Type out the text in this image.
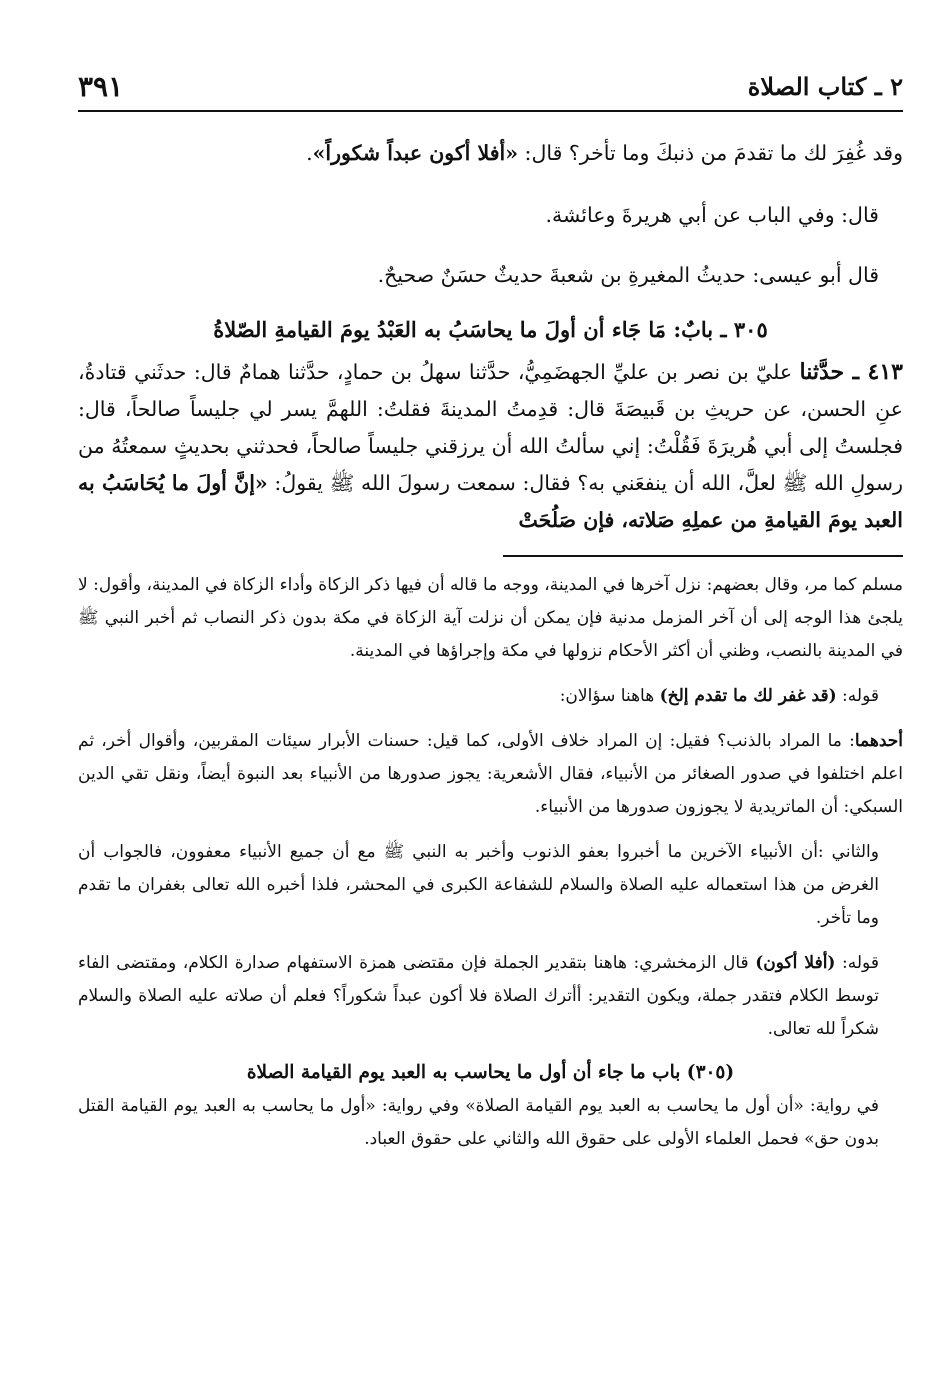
٢ ـ كتاب الصلاة
٣٩١

وقد غُفِرَ لك ما تقدمَ من ذنبكَ وما تأخر؟ قال: «أفلا أكون عبداً شكوراً».

قال: وفي الباب عن أبي هريرةَ وعائشة.

قال أبو عيسى: حديثُ المغيرةِ بن شعبةَ حديثٌ حسَنٌ صحيحٌ.

٣٠٥ ـ بابٌ: مَا جَاء أن أولَ ما يحاسَبُ به العَبْدُ يومَ القيامةِ الصّلاةُ

٤١٣ ـ حدَّثنا عليّ بن نصر بن عليِّ الجهضَمِيُّ، حدَّثنا سهلُ بن حمادٍ، حدَّثنا همامٌ قال: حدثَني قتادةُ، عنِ الحسن، عن حريثِ بن قَبيصَةَ قال: قدِمتُ المدينةَ فقلتُ: اللهمَّ يسر لي جليساً صالحاً، قال: فجلستُ إلى أبي هُريرَةَ فَقُلْتُ: إني سألتُ الله أن يرزقني جليساً صالحاً، فحدثني بحديثٍ سمعتُهُ من رسولِ الله ﷺ لعلَّ، الله أن ينفعَني به؟ فقال: سمعت رسولَ الله ﷺ يقولُ: «إنَّ أولَ ما يُحَاسَبُ به العبد يومَ القيامةِ من عملِهِ صَلاته، فإن صَلُحَتْ

مسلم كما مر، وقال بعضهم: نزل آخرها في المدينة، ووجه ما قاله أن فيها ذكر الزكاة وأداء الزكاة في المدينة، وأقول: لا يلجئ هذا الوجه إلى أن آخر المزمل مدنية فإن يمكن أن نزلت آية الزكاة في مكة بدون ذكر النصاب ثم أخبر النبي ﷺ في المدينة بالنصب، وظني أن أكثر الأحكام نزولها في مكة وإجراؤها في المدينة.

قوله: (قد غفر لك ما تقدم إلخ) هاهنا سؤالان:

أحدهما: ما المراد بالذنب؟ فقيل: إن المراد خلاف الأولى، كما قيل: حسنات الأبرار سيئات المقربين، وأقوال أخر، ثم اعلم اختلفوا في صدور الصغائر من الأنبياء، فقال الأشعرية: يجوز صدورها من الأنبياء بعد النبوة أيضاً، ونقل تقي الدين السبكي: أن الماتريدية لا يجوزون صدورها من الأنبياء.

والثاني :أن الأنبياء الآخرين ما أخبروا بعفو الذنوب وأخبر به النبي ﷺ مع أن جميع الأنبياء معفوون، فالجواب أن الغرض من هذا استعماله عليه الصلاة والسلام للشفاعة الكبرى في المحشر، فلذا أخبره الله تعالى بغفران ما تقدم وما تأخر.

قوله: (أفلا أكون) قال الزمخشري: هاهنا بتقدير الجملة فإن مقتضى همزة الاستفهام صدارة الكلام، ومقتضى الفاء توسط الكلام فتقدر جملة، ويكون التقدير: أأترك الصلاة فلا أكون عبداً شكوراً؟ فعلم أن صلاته عليه الصلاة والسلام شكراً لله تعالى.

(٣٠٥) باب ما جاء أن أول ما يحاسب به العبد يوم القيامة الصلاة

في رواية: «أن أول ما يحاسب به العبد يوم القيامة الصلاة» وفي رواية: «أول ما يحاسب به العبد يوم القيامة القتل بدون حق» فحمل العلماء الأولى على حقوق الله والثاني على حقوق العباد.
